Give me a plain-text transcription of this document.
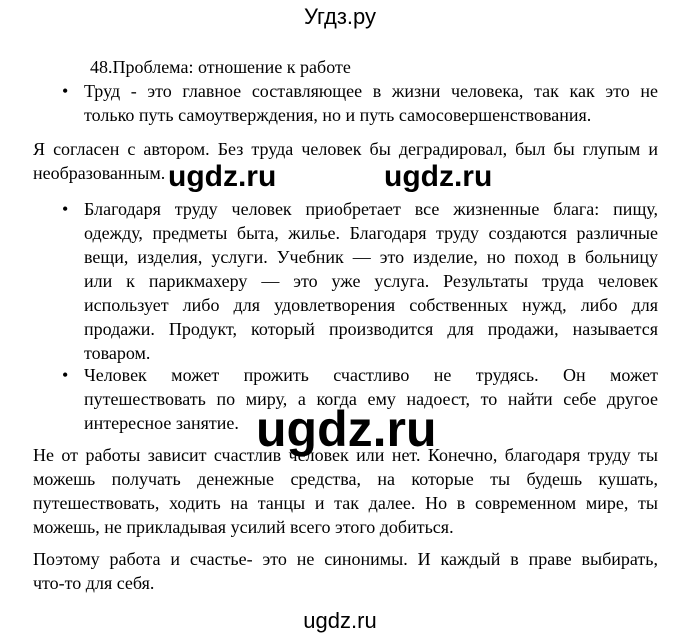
Угдз.ру
48.Проблема: отношение к работе
• Труд - это главное составляющее в жизни человека, так как это не
только путь самоутверждения, но и путь самосовершенствования.
Я согласен с автором. Без труда человек бы деградировал, был бы глупым и
необразованным.
• Благодаря труду человек приобретает все жизненные блага: пищу,
одежду, предметы быта, жилье. Благодаря труду создаются различные
вещи, изделия, услуги. Учебник — это изделие, но поход в больницу
или к парикмахеру — это уже услуга. Результаты труда человек
использует либо для удовлетворения собственных нужд, либо для
продажи. Продукт, который производится для продажи, называется
товаром.
• Человек может прожить счастливо не трудясь. Он может
путешествовать по миру, а когда ему надоест, то найти себе другое
интересное занятие.
Не от работы зависит счастлив человек или нет. Конечно, благодаря труду ты
можешь получать денежные средства, на которые ты будешь кушать,
путешествовать, ходить на танцы и так далее. Но в современном мире, ты
можешь, не прикладывая усилий всего этого добиться.
Поэтому работа и счастье- это не синонимы. И каждый в праве выбирать,
что-то для себя.
ugdz.ru	ugdz.ru
ugdz.ru
ugdz.ru
